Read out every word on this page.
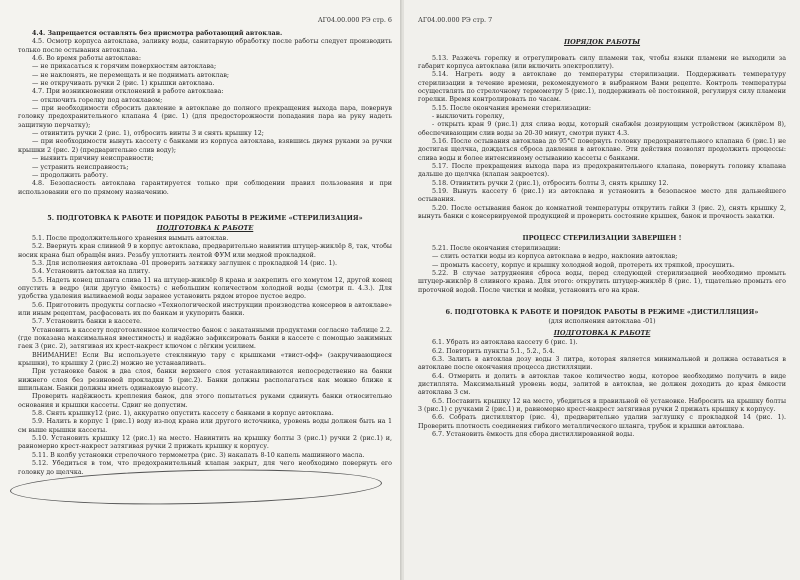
АГ04.00.000 РЭ стр. 6

4.4. Запрещается оставлять без присмотра работающий автоклав.

4.5. Осмотр корпуса автоклава, заливку воды, санитарную обработку после работы следует производить только после остывания автоклава.

4.6. Во время работы автоклава:

— не прикасаться к горячим поверхностям автоклава;

— не наклонять, не перемещать и не поднимать автоклав;

— не откручивать ручки 2 (рис. 1) крышки автоклава.

4.7. При возникновении отклонений в работе автоклава:

— отключить горелку под автоклавом;

— при необходимости сбросить давление в автоклаве до полного прекращения выхода пара, повернув головку предохранительного клапана 4 (рис. 1) (для предосторожности попадания пара на руку надеть защитную перчатку);

— отвинтить ручки 2 (рис. 1), отбросить винты 3 и снять крышку 12;

— при необходимости вынуть кассету с банками из корпуса автоклава, взявшись двумя руками за ручки крышки 2 (рис. 2) (предварительно слив воду);

— выявить причину неисправности;

— устранить неисправность;

— продолжить работу.

4.8. Безопасность автоклава гарантируется только при соблюдении правил пользования и при использовании его по прямому назначению.

5. ПОДГОТОВКА К РАБОТЕ И ПОРЯДОК РАБОТЫ В РЕЖИМЕ «СТЕРИЛИЗАЦИЯ»
ПОДГОТОВКА К РАБОТЕ

5.1. После продолжительного хранения вымыть автоклав.

5.2. Ввернуть кран сливной 9 в корпус автоклава, предварительно навинтив штуцер-жиклёр 8, так, чтобы носик крана был обращён вниз. Резьбу уплотнить лентой ФУМ или медной прокладкой.

5.3. Для исполнения автоклава -01 проверить затяжку заглушек с прокладкой 14 (рис. 1).

5.4. Установить автоклав на плиту.

5.5. Надеть конец шланга слива 11 на штуцер-жиклёр 8 крана и закрепить его хомутом 12, другой конец опустить в ведро (или другую ёмкость) с небольшим количеством холодной воды (смотри п. 4.3.). Для удобства удаления выливаемой воды заранее установить рядом второе пустое ведро.

5.6. Приготовить продукты согласно «Технологической инструкции производства консервов в автоклаве» или иным рецептам, расфасовать их по банкам и укупорить банки.

5.7. Установить банки в кассете.

Установить в кассету подготовленное количество банок с закатанными продуктами согласно таблице 2.2. (где показана максимальная вместимость) и надёжно зафиксировать банки в кассете с помощью зажимных гаек 3 (рис. 2), затягивая их крест-накрест ключом с лёгким усилием.

ВНИМАНИЕ! Если Вы используете стеклянную тару с крышками «твист-офф» (закручивающиеся крышки), то крышку 2 (рис.2) можно не устанавливать.

При установке банок в два слоя, банки верхнего слоя устанавливаются непосредственно на банки нижнего слоя без резиновой прокладки 5 (рис.2). Банки должны располагаться как можно ближе к шпилькам. Банки должны иметь одинаковую высоту.

Проверить надёжность крепления банок, для этого попытаться руками сдвинуть банки относительно основания и крышки кассеты. Сдвиг не допустим.

5.8. Снять крышку12 (рис. 1), аккуратно опустить кассету с банками в корпус автоклава.

5.9. Налить в корпус 1 (рис.1) воду из-под крана или другого источника, уровень воды должен быть на 1 см выше крышки кассеты.

5.10. Установить крышку 12 (рис.1) на место. Навинтить на крышку болты 3 (рис.1) ручки 2 (рис.1) и, равномерно крест-накрест затягивая ручки 2 прижать крышку к корпусу.

5.11. В колбу установки стрелочного термометра (рис. 3) накапать 8-10 капель машинного масла.

5.12. Убедиться в том, что предохранительный клапан закрыт, для чего необходимо повернуть его головку до щелчка.

АГ04.00.000 РЭ стр. 7
ПОРЯДОК РАБОТЫ

5.13. Разжечь горелку и отрегулировать силу пламени так, чтобы языки пламени не выходили за габарит корпуса автоклава (или включить электроплиту).

5.14. Нагреть воду в автоклаве до температуры стерилизации. Поддерживать температуру стерилизации в течение времени, рекомендуемого в выбранном Вами рецепте. Контроль температуры осуществлять по стрелочному термометру 5 (рис.1), поддерживать её постоянной, регулируя силу пламени горелки. Время контролировать по часам.

5.15. После окончания времени стерилизации:

- выключить горелку,

- открыть кран 9 (рис.1) для слива воды, который снабжён дозирующим устройством (жиклёром 8), обеспечивающим слив воды за 20-30 минут, смотри пункт 4.3.

5.16. После остывания автоклава до 95°С повернуть головку предохранительного клапана 6 (рис.1) не достигая щелчка, дождаться сброса давления в автоклаве. Эти действия позволят продолжить процессы: слива воды и более интенсивному остыванию кассеты с банками.

5.17. После прекращения выхода пара из предохранительного клапана, повернуть головку клапана дальше до щелчка (клапан закроется).

5.18. Отвинтить ручки 2 (рис.1), отбросить болты 3, снять крышку 12.

5.19. Вынуть кассету 6 (рис.1) из автоклава и установить в безопасное место для дальнейшего остывания.

5.20. После остывания банок до комнатной температуры открутить гайки 3 (рис. 2), снять крышку 2, вынуть банки с консервируемой продукцией и проверить состояние крышек, банок и прочность закатки.

ПРОЦЕСС СТЕРИЛИЗАЦИИ ЗАВЕРШЕН !

5.21. После окончания стерилизации:

— слить остатки воды из корпуса автоклава в ведро, наклонив автоклав;

— промыть кассету, корпус и крышку холодной водой, протереть их тряпкой, просушить.

5.22. В случае затруднения сброса воды, перед следующей стерилизацией необходимо промыть штуцер-жиклёр 8 сливного крана. Для этого: открутить штуцер-жиклёр 8 (рис. 1), тщательно промыть его проточной водой. После чистки и мойки, установить его на кран.

6. ПОДГОТОВКА К РАБОТЕ И ПОРЯДОК РАБОТЫ В РЕЖИМЕ «ДИСТИЛЛЯЦИЯ»
(для исполнения автоклава -01)
ПОДГОТОВКА К РАБОТЕ

6.1. Убрать из автоклава кассету 6 (рис. 1).

6.2. Повторить пункты 5.1., 5.2., 5.4.

6.3. Залить в автоклав дозу воды 3 литра, которая является минимальной и должна оставаться в автоклаве после окончания процесса дистилляции.

6.4. Отмерить и долить в автоклав такое количество воды, которое необходимо получить в виде дистиллята. Максимальный уровень воды, залитой в автоклав, не должен доходить до края ёмкости автоклава 3 см.

6.5. Поставить крышку 12 на место, убедиться в правильной её установке. Набросить на крышку болты 3 (рис.1) с ручками 2 (рис.1) и, равномерно крест-накрест затягивая ручки 2 прижать крышку к корпусу.

6.6. Собрать дистиллятор (рис. 4), предварительно удалив заглушку с прокладкой 14 (рис. 1). Проверить плотность соединения гибкого металлического шланга, трубок и крышки автоклава.

6.7. Установить ёмкость для сбора дистиллированной воды.
